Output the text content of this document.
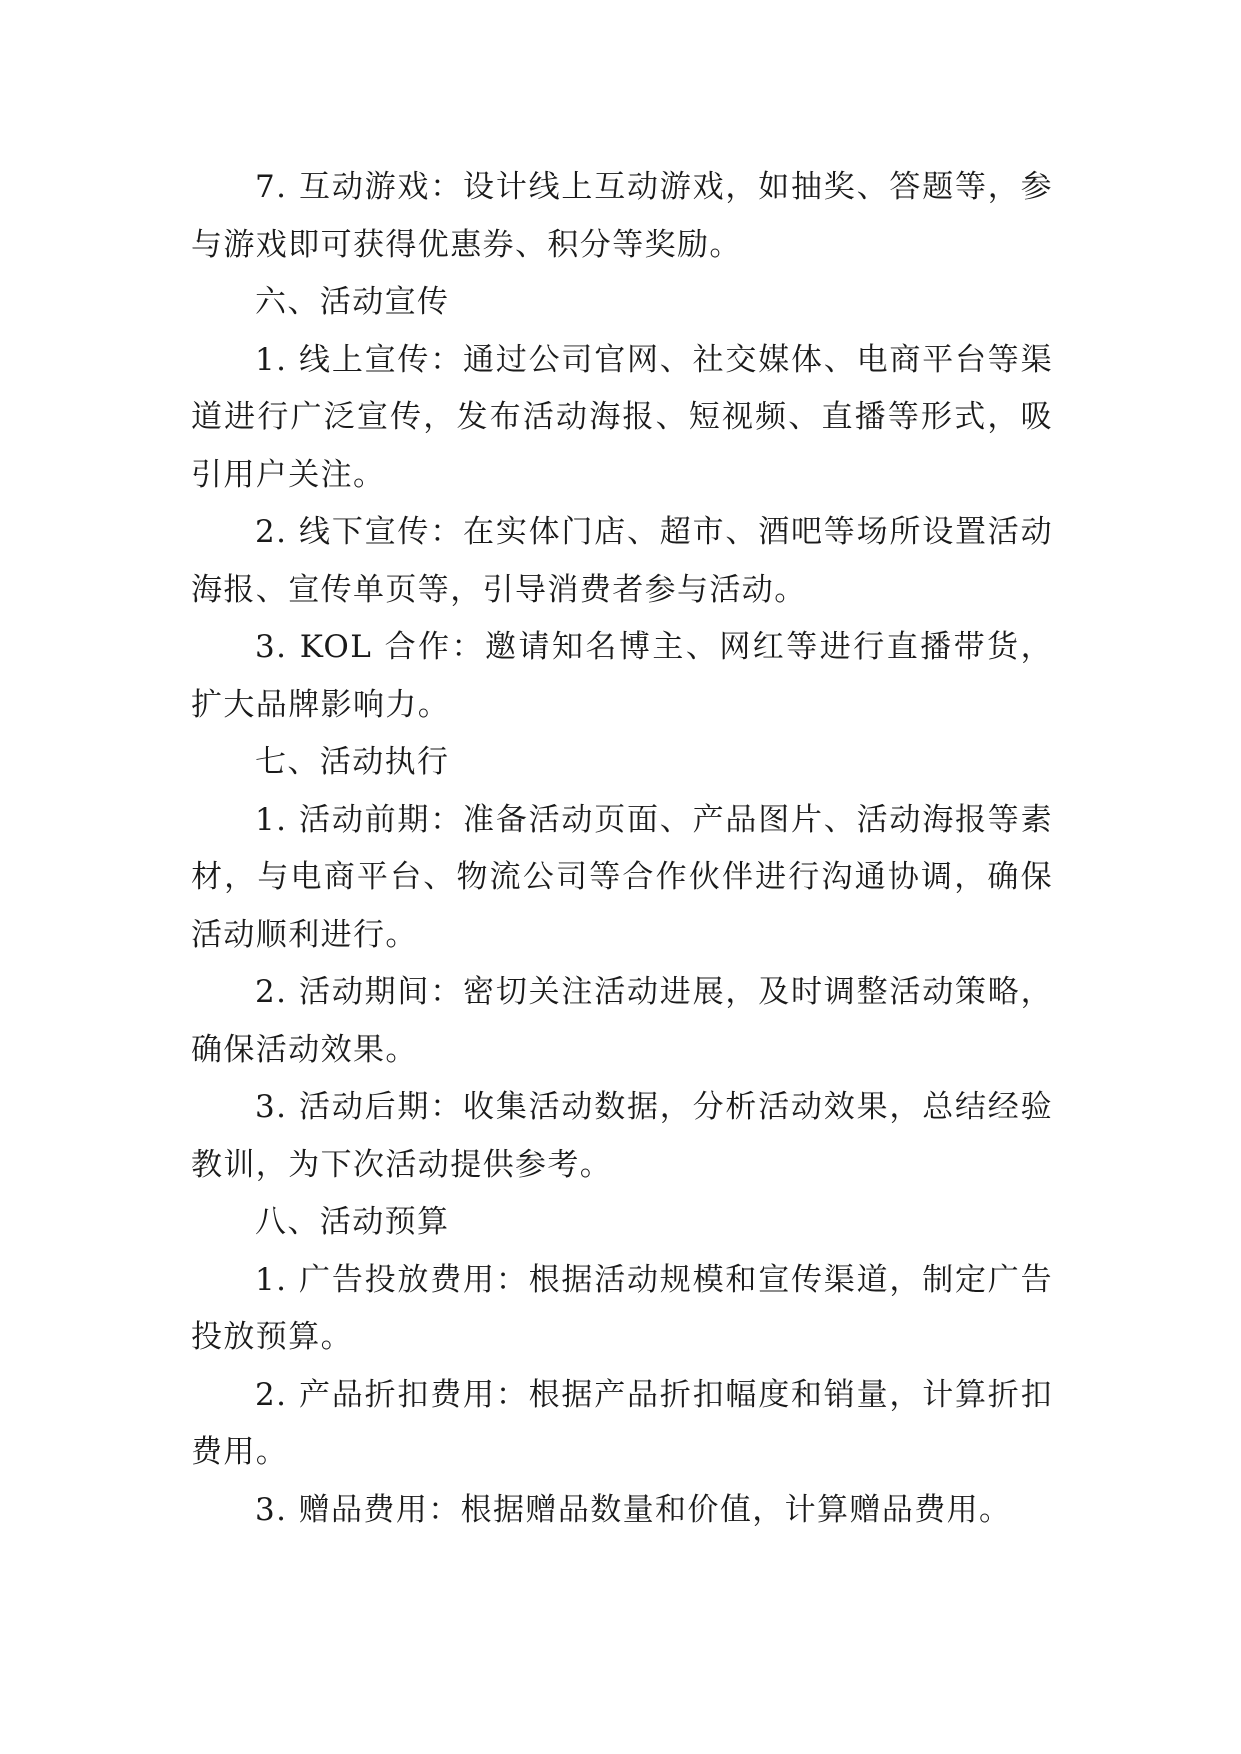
7. 互动游戏：设计线上互动游戏，如抽奖、答题等，参与游戏即可获得优惠券、积分等奖励。

六、活动宣传

1. 线上宣传：通过公司官网、社交媒体、电商平台等渠道进行广泛宣传，发布活动海报、短视频、直播等形式，吸引用户关注。

2. 线下宣传：在实体门店、超市、酒吧等场所设置活动海报、宣传单页等，引导消费者参与活动。

3. KOL 合作：邀请知名博主、网红等进行直播带货，扩大品牌影响力。

七、活动执行

1. 活动前期：准备活动页面、产品图片、活动海报等素材，与电商平台、物流公司等合作伙伴进行沟通协调，确保活动顺利进行。

2. 活动期间：密切关注活动进展，及时调整活动策略，确保活动效果。

3. 活动后期：收集活动数据，分析活动效果，总结经验教训，为下次活动提供参考。

八、活动预算

1. 广告投放费用：根据活动规模和宣传渠道，制定广告投放预算。

2. 产品折扣费用：根据产品折扣幅度和销量，计算折扣费用。

3. 赠品费用：根据赠品数量和价值，计算赠品费用。
